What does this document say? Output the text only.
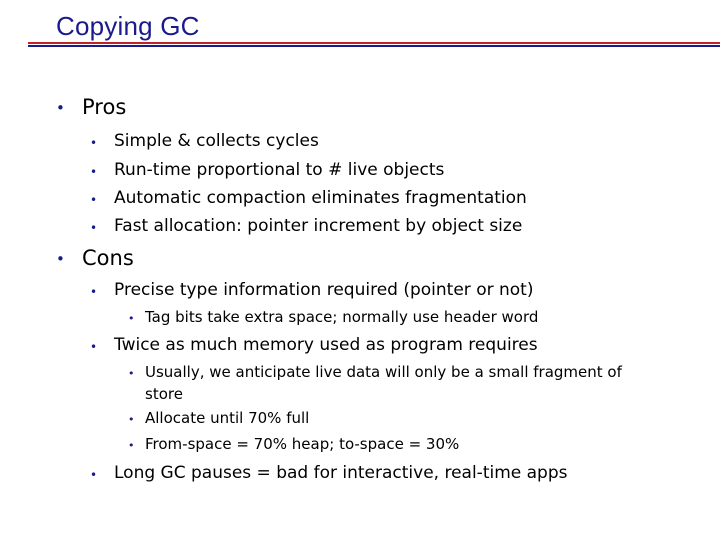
Copying GC
• Pros
• Simple & collects cycles
• Run-time proportional to # live objects
• Automatic compaction eliminates fragmentation
• Fast allocation: pointer increment by object size
• Cons
• Precise type information required (pointer or not)
• Tag bits take extra space; normally use header word
• Twice as much memory used as program requires
• Usually, we anticipate live data will only be a small fragment of
store
• Allocate until 70% full
• From-space = 70% heap; to-space = 30%
• Long GC pauses = bad for interactive, real-time apps
